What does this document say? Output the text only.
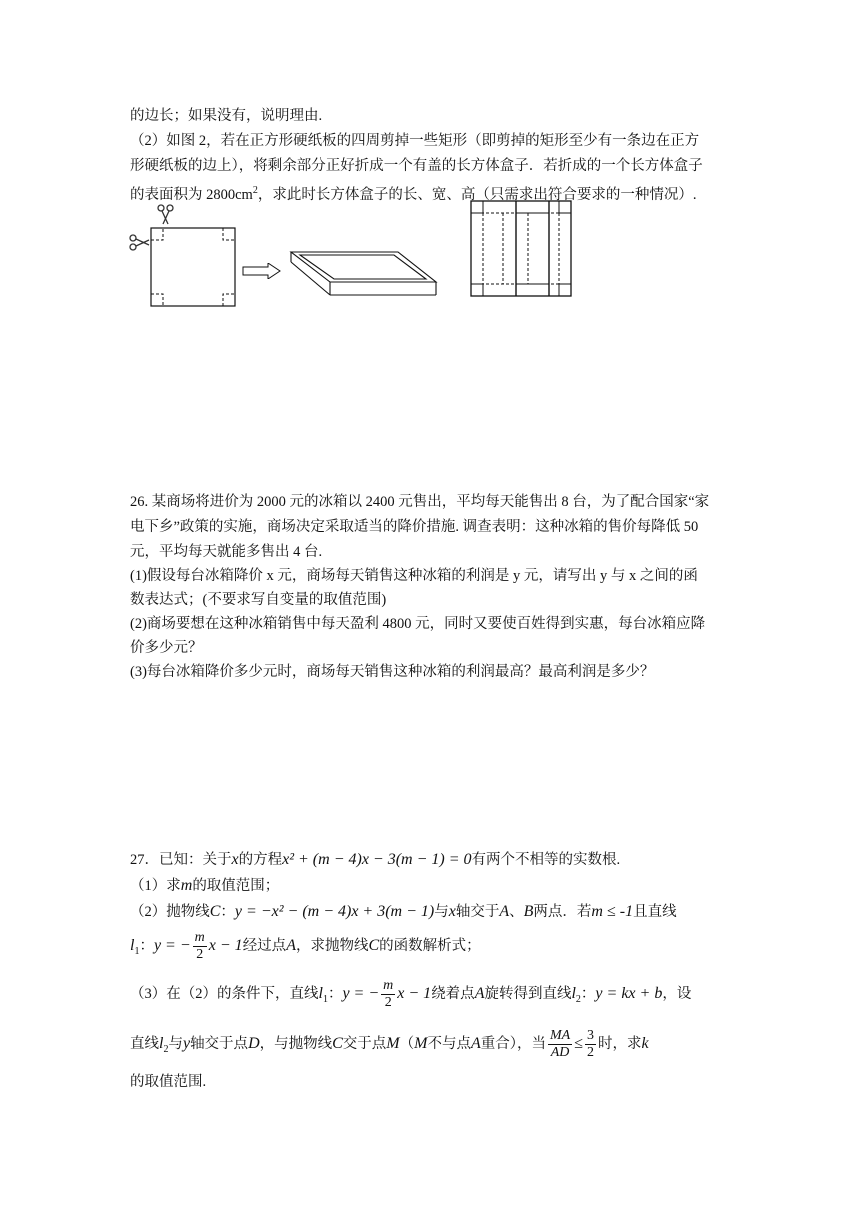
的边长；如果没有，说明理由.
（2）如图 2，若在正方形硬纸板的四周剪掉一些矩形（即剪掉的矩形至少有一条边在正方
形硬纸板的边上），将剩余部分正好折成一个有盖的长方体盒子．若折成的一个长方体盒子
的表面积为 $2800cm^2$，求此时长方体盒子的长、宽、高（只需求出符合要求的一种情况）.
26. 某商场将进价为 2000 元的冰箱以 2400 元售出，平均每天能售出 8 台，为了配合国家“家
电下乡”政策的实施，商场决定采取适当的降价措施. 调查表明：这种冰箱的售价每降低 50
元，平均每天就能多售出 4 台.
(1)假设每台冰箱降价 x 元，商场每天销售这种冰箱的利润是 y 元，请写出 y 与 x 之间的函
数表达式；(不要求写自变量的取值范围)
(2)商场要想在这种冰箱销售中每天盈利 4800 元，同时又要使百姓得到实惠，每台冰箱应降
价多少元？
(3)每台冰箱降价多少元时，商场每天销售这种冰箱的利润最高？最高利润是多少？
27．已知：关于x的方程x² + (m − 4)x − 3(m − 1) = 0有两个不相等的实数根.
（1）求m的取值范围；
（2）抛物线C：y = −x² − (m − 4)x + 3(m − 1)与x轴交于A、B两点．若m ≤ -1且直线
$l_1$：y = − $\frac{m}{2}$ x − 1经过点A，求抛物线C的函数解析式；
（3）在（2）的条件下，直线$l_1$：y = − $\frac{m}{2}$ x − 1绕着点A旋转得到直线$l_2$：y = kx + b，设
直线$l_2$与y轴交于点D，与抛物线C交于点M（M不与点A重合），当 $\frac{MA}{AD} \le \frac{3}{2}$ 时，求k
的取值范围.
